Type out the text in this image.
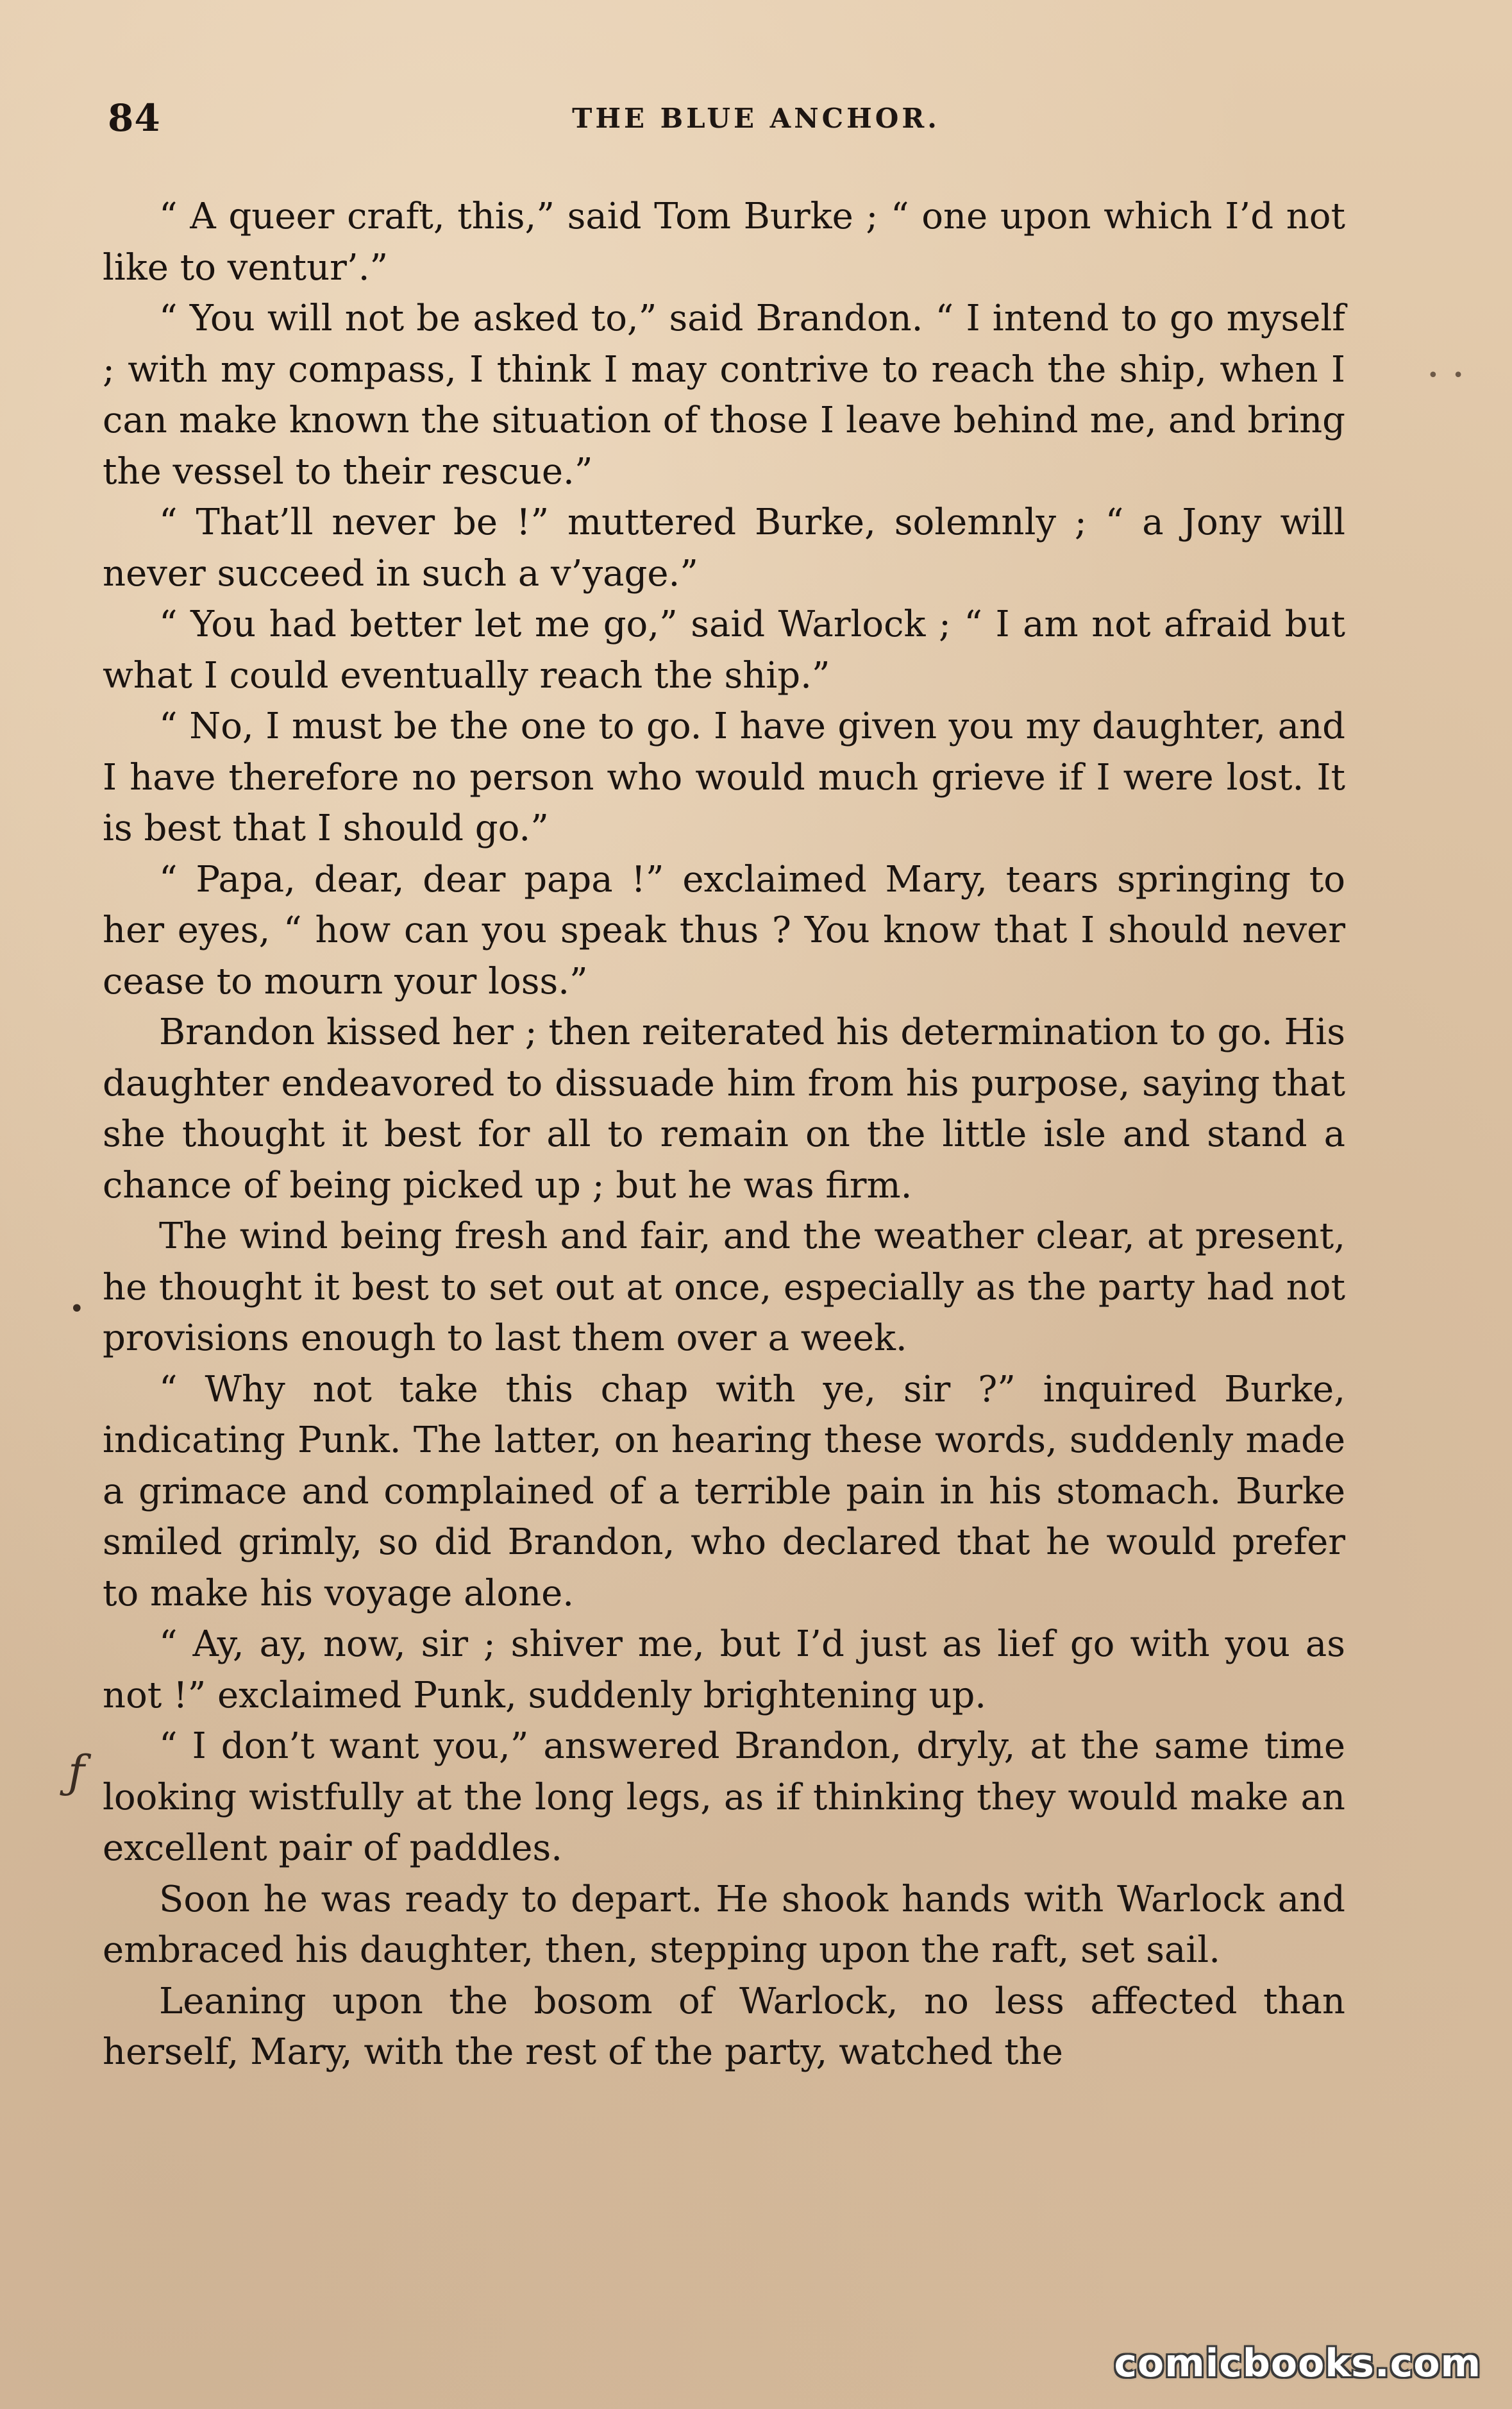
84	THE BLUE ANCHOR.
• •
•
ƒ

“ A queer craft, this,” said Tom Burke ; “ one upon which I’d not like to ventur’.”

“ You will not be asked to,” said Brandon. “ I intend to go myself ; with my compass, I think I may contrive to reach the ship, when I can make known the situation of those I leave behind me, and bring the vessel to their rescue.”

“ That’ll never be !” muttered Burke, solemnly ; “ a Jony will never succeed in such a v’yage.”

“ You had better let me go,” said Warlock ; “ I am not afraid but what I could eventually reach the ship.”

“ No, I must be the one to go. I have given you my daughter, and I have therefore no person who would much grieve if I were lost. It is best that I should go.”

“ Papa, dear, dear papa !” exclaimed Mary, tears springing to her eyes, “ how can you speak thus ? You know that I should never cease to mourn your loss.”

Brandon kissed her ; then reiterated his determination to go. His daughter endeavored to dissuade him from his purpose, saying that she thought it best for all to remain on the little isle and stand a chance of being picked up ; but he was firm.

The wind being fresh and fair, and the weather clear, at present, he thought it best to set out at once, especially as the party had not provisions enough to last them over a week.

“ Why not take this chap with ye, sir ?” inquired Burke, indicating Punk. The latter, on hearing these words, suddenly made a grimace and complained of a terrible pain in his stomach. Burke smiled grimly, so did Brandon, who declared that he would prefer to make his voyage alone.

“ Ay, ay, now, sir ; shiver me, but I’d just as lief go with you as not !” exclaimed Punk, suddenly brightening up.

“ I don’t want you,” answered Brandon, dryly, at the same time looking wistfully at the long legs, as if thinking they would make an excellent pair of paddles.

Soon he was ready to depart. He shook hands with Warlock and embraced his daughter, then, stepping upon the raft, set sail.

Leaning upon the bosom of Warlock, no less affected than herself, Mary, with the rest of the party, watched the

comicbooks.com
